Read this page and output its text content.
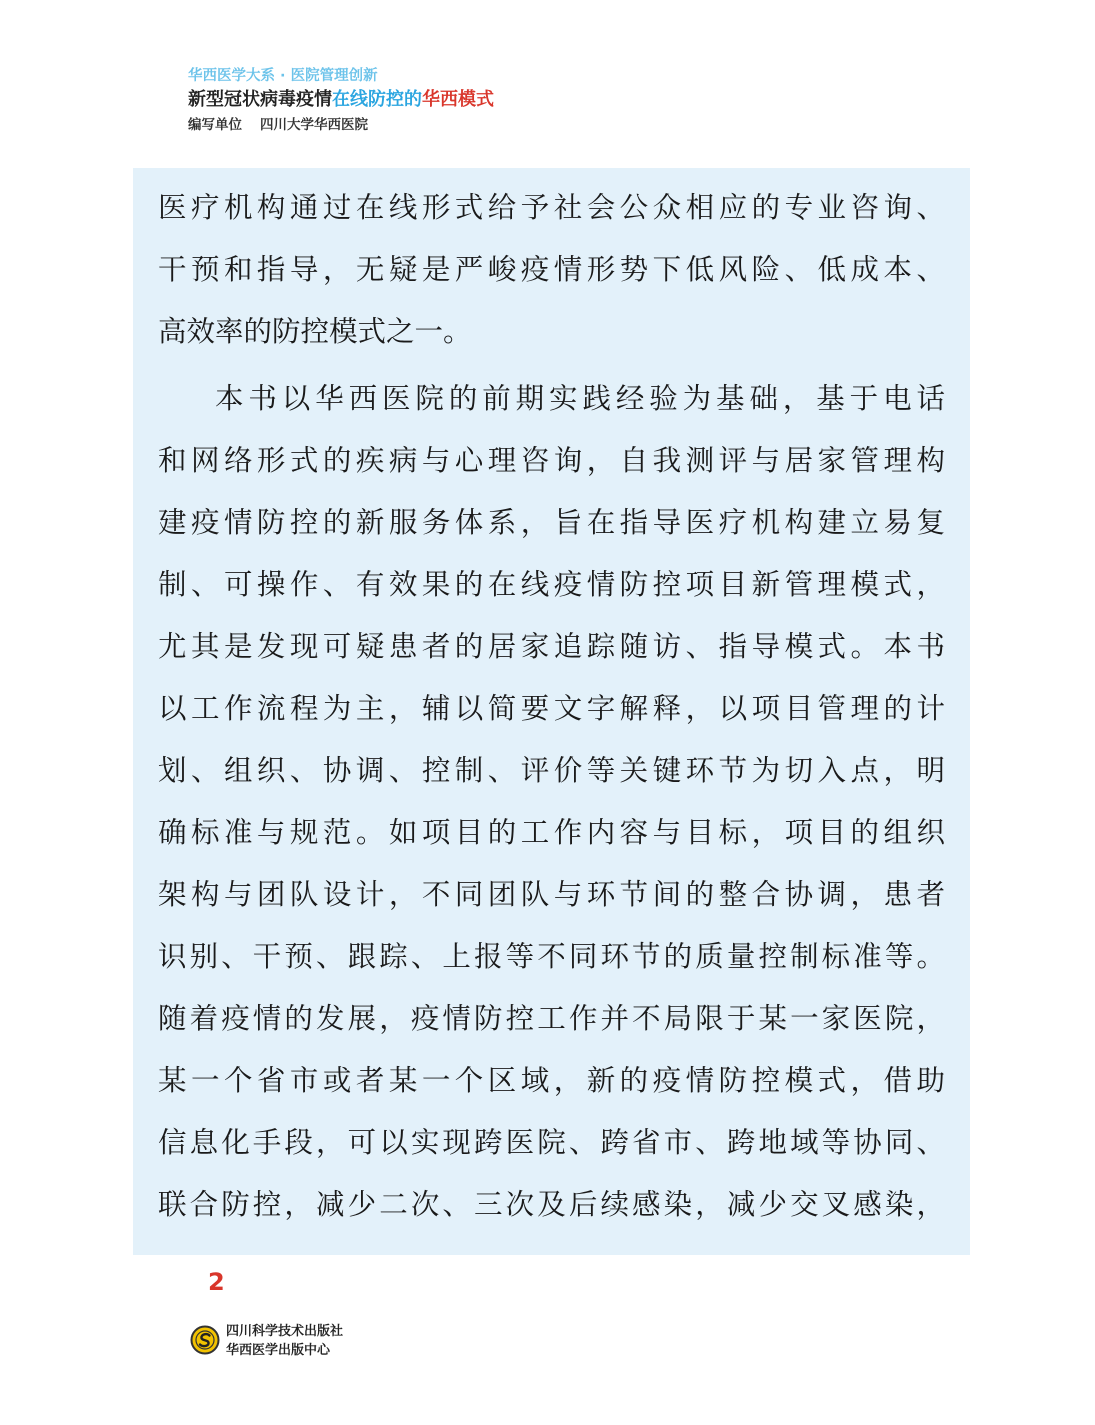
华西医学大系 · 医院管理创新
新型冠状病毒疫情在线防控的华西模式
编写单位 四川大学华西医院
医疗机构通过在线形式给予社会公众相应的专业咨询、
干预和指导，无疑是严峻疫情形势下低风险、低成本、
高效率的防控模式之一。
本书以华西医院的前期实践经验为基础，基于电话
和网络形式的疾病与心理咨询，自我测评与居家管理构
建疫情防控的新服务体系，旨在指导医疗机构建立易复
制、可操作、有效果的在线疫情防控项目新管理模式，
尤其是发现可疑患者的居家追踪随访、指导模式。本书
以工作流程为主，辅以简要文字解释，以项目管理的计
划、组织、协调、控制、评价等关键环节为切入点，明
确标准与规范。如项目的工作内容与目标，项目的组织
架构与团队设计，不同团队与环节间的整合协调，患者
识别、干预、跟踪、上报等不同环节的质量控制标准等。
随着疫情的发展，疫情防控工作并不局限于某一家医院，
某一个省市或者某一个区域，新的疫情防控模式，借助
信息化手段，可以实现跨医院、跨省市、跨地域等协同、
联合防控，减少二次、三次及后续感染，减少交叉感染，
2
四川科学技术出版社
华西医学出版中心
